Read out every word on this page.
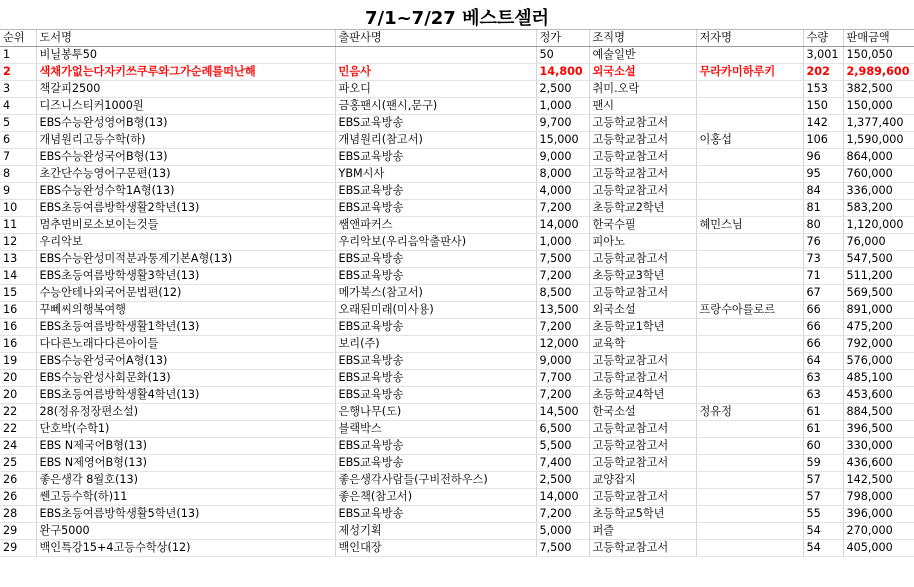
7/1~7/27 베스트셀러
순위	도서명	출판사명	정가	조직명	저자명	수량	판매금액
1	비닐봉투50		50	예술일반		3,001	150,050
2	색채가없는다자키쓰쿠루와그가순례를떠난해	민음사	14,800	외국소설	무라카미하루키	202	2,989,600
3	책갈피2500	파오디	2,500	취미.오락		153	382,500
4	디즈니스티커1000원	금홍팬시(팬시,문구)	1,000	팬시		150	150,000
5	EBS수능완성영어B형(13)	EBS교육방송	9,700	고등학교참고서		142	1,377,400
6	개념원리고등수학(하)	개념원리(참고서)	15,000	고등학교참고서	이홍섭	106	1,590,000
7	EBS수능완성국어B형(13)	EBS교육방송	9,000	고등학교참고서		96	864,000
8	초간단수능영어구문편(13)	YBM시사	8,000	고등학교참고서		95	760,000
9	EBS수능완성수학1A형(13)	EBS교육방송	4,000	고등학교참고서		84	336,000
10	EBS초등여름방학생활2학년(13)	EBS교육방송	7,200	초등학교2학년		81	583,200
11	멈추면비로소보이는것들	쌤앤파커스	14,000	한국수필	혜민스님	80	1,120,000
12	우리악보	우리악보(우리음악출판사)	1,000	피아노		76	76,000
13	EBS수능완성미적분과통계기본A형(13)	EBS교육방송	7,500	고등학교참고서		73	547,500
14	EBS초등여름방학생활3학년(13)	EBS교육방송	7,200	초등학교3학년		71	511,200
15	수능안테나외국어문법편(12)	메가북스(참고서)	8,500	고등학교참고서		67	569,500
16	꾸뻬씨의행복여행	오래된미래(미사용)	13,500	외국소설	프랑수아를로르	66	891,000
16	EBS초등여름방학생활1학년(13)	EBS교육방송	7,200	초등학교1학년		66	475,200
16	다다른노래다다른아이들	보리(주)	12,000	교육학		66	792,000
19	EBS수능완성국어A형(13)	EBS교육방송	9,000	고등학교참고서		64	576,000
20	EBS수능완성사회문화(13)	EBS교육방송	7,700	고등학교참고서		63	485,100
20	EBS초등여름방학생활4학년(13)	EBS교육방송	7,200	초등학교4학년		63	453,600
22	28(정유정장편소설)	은행나무(도)	14,500	한국소설	정유정	61	884,500
22	단호박(수학1)	블랙박스	6,500	고등학교참고서		61	396,500
24	EBS N제국어B형(13)	EBS교육방송	5,500	고등학교참고서		60	330,000
25	EBS N제영어B형(13)	EBS교육방송	7,400	고등학교참고서		59	436,600
26	좋은생각 8월호(13)	좋은생각사람들(구비전하우스)	2,500	교양잡지		57	142,500
26	쎈고등수학(하)11	좋은책(참고서)	14,000	고등학교참고서		57	798,000
28	EBS초등여름방학생활5학년(13)	EBS교육방송	7,200	초등학교5학년		55	396,000
29	완구5000	제성기획	5,000	퍼즐		54	270,000
29	백인특강15+4고등수학상(12)	백인대장	7,500	고등학교참고서		54	405,000
